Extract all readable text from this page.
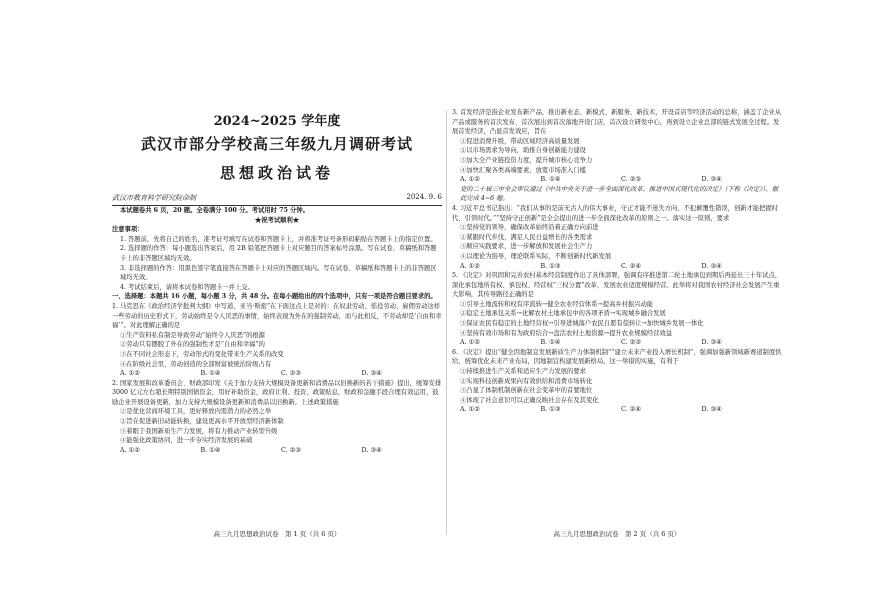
2024~2025 学年度
武汉市部分学校高三年级九月调研考试
思想政治试卷
武汉市教育科学研究院命制	2024. 9. 6

本试题卷共 6 页，20 题。全卷满分 100 分。考试用时 75 分钟。

★祝考试顺利★

注意事项：

1. 答题前，先将自己的姓名、准考证号填写在试卷和答题卡上，并将准考证号条形码粘贴在答题卡上的指定位置。

2. 选择题的作答：每小题选出答案后，用 2B 铅笔把答题卡上对应题目的答案标号涂黑。写在试卷、草稿纸和答题卡上的非答题区域均无效。

3. 非选择题的作答：用黑色签字笔直接答在答题卡上对应的答题区域内。写在试卷、草稿纸和答题卡上的非答题区域均无效。

4. 考试结束后，请将本试卷和答题卡一并上交。

一、选择题：本题共 16 小题，每小题 3 分，共 48 分。在每小题给出的四个选项中，只有一项是符合题目要求的。

1. 马克思在《政治经济学批判大纲》中写道，亚当·斯密“在下面这点上是对的：在奴隶劳动、徭役劳动、雇佣劳动这样一些劳动的历史形式下，劳动始终是令人厌恶的事情，始终表现为外在的强制劳动，而与此相反，不劳动却是‘自由和幸福’”。对此理解正确的是

①生产资料私有制是导致劳动“始终令人厌恶”的根源

②劳动只有摆脱了外在的强制性才是“自由和幸福”的

③在不同社会形态下，劳动形式的变化带来生产关系的改变

④在阶级社会里，劳动创造的全部财富被统治阶级占有

A. ①②	B. ①④	C. ②③	D. ③④

2. 国家发展和改革委员会、财政部印发《关于加力支持大规模设备更新和消费品以旧换新的若干措施》提出，统筹安排 3000 亿元左右超长期特别国债资金，用好补助资金，政府让利、投资、政策贴息，财政和金融手段合理有效运用，鼓励企业开展设备更新，加力支持大规模设备更新和消费品以旧换新。上述政策措施

①是优化营商环境工具，更好释放内需潜力的必然之举

②旨在促进新旧动能转换，建设更高水平开放型经济新体制

③着眼于我国新质生产力发展，将有力推动产业转型升级

④能强化政策协同，进一步夯实经济发展的基础

A. ①②	B. ①④	C. ②③	D. ③④
高三九月思想政治试卷　第 1 页（共 6 页）

3. 首发经济是指企业发布新产品，推出新业态、新模式、新服务、新技术，开设首店等经济活动的总称，涵盖了企业从产品或服务的首次发布、首次展出到首次落地开设门店，首次设立研发中心，再到设立企业总部的链式发展全过程。发展首发经济，凸显首发效应，旨在

①促进消费升级，带动区域经济高质量发展

②以市场需求为导向，助推自身创新能力建设

③加大全产业链投资力度，提升城市核心竞争力

④加快汇聚各类高端要素，放宽市场准入门槛

A. ①②	B. ①④	C. ②③	D. ③④

党的二十届三中全会审议通过《中共中央关于进一步全面深化改革、推进中国式现代化的决定》（下称《决定》）。据此完成 4~6 题。

4. 习近平总书记指出：“我们从事的是前无古人的伟大事业，守正才能不迷失方向、不犯颠覆性错误，创新才能把握时代、引领时代。”“坚持守正创新”是全会提出的进一步全面深化改革的原则之一。落实这一原则，要求

①坚持党的领导，确保改革始终沿着正确方向前进

②紧跟时代步伐，满足人民日益增长的各类需求

③顺应实践要求，进一步解放和发展社会生产力

④以理论为指导，理论联系实际，不断创新时代新发展

A. ①②	B. ①③	C. ②④	D. ③④

5. 《决定》对巩固和完善农村基本经营制度作出了具体部署，强调有序推进第二轮土地承包到期后再延长三十年试点，深化承包地所有权、承包权、经营权“三权分置”改革，发展农业适度规模经营。此举将对我国农村经济社会发展产生重大影响，其传导路径正确的是

①引导土地流转和权有序流转→健全农业经营体系→提高乡村振兴动能

②稳定土地承包关系→化解农村土地承包中的各项矛盾→实现城乡融合发展

③保证农民有稳定的土地经营权→引导进城落户农民自愿有偿转让→加快城乡发展一体化

④坚持有效市场和有为政府结合→盘活农村土地资源→提升农业规模经营效益

A. ①②	B. ①④	C. ②③	D. ③④

6. 《决定》提出“健全因地制宜发展新质生产力体制机制”“建立未来产业投入增长机制”，强调加强新领域新赛道制度供给，统筹优化未来产业布局，因地制宜构建发展新格局。这一举措的实施，有利于

①持续推进生产关系和适应生产力发展的要求

②实现科技创新成果向有效供给和消费市场转化

③凸显了体制机制创新在社会变革中的首要地位

④体现了社会意识可以正确反映社会存在及其变化

A. ①②	B. ①③	C. ②④	D. ③④
高三九月思想政治试卷　第 2 页（共 6 页）
